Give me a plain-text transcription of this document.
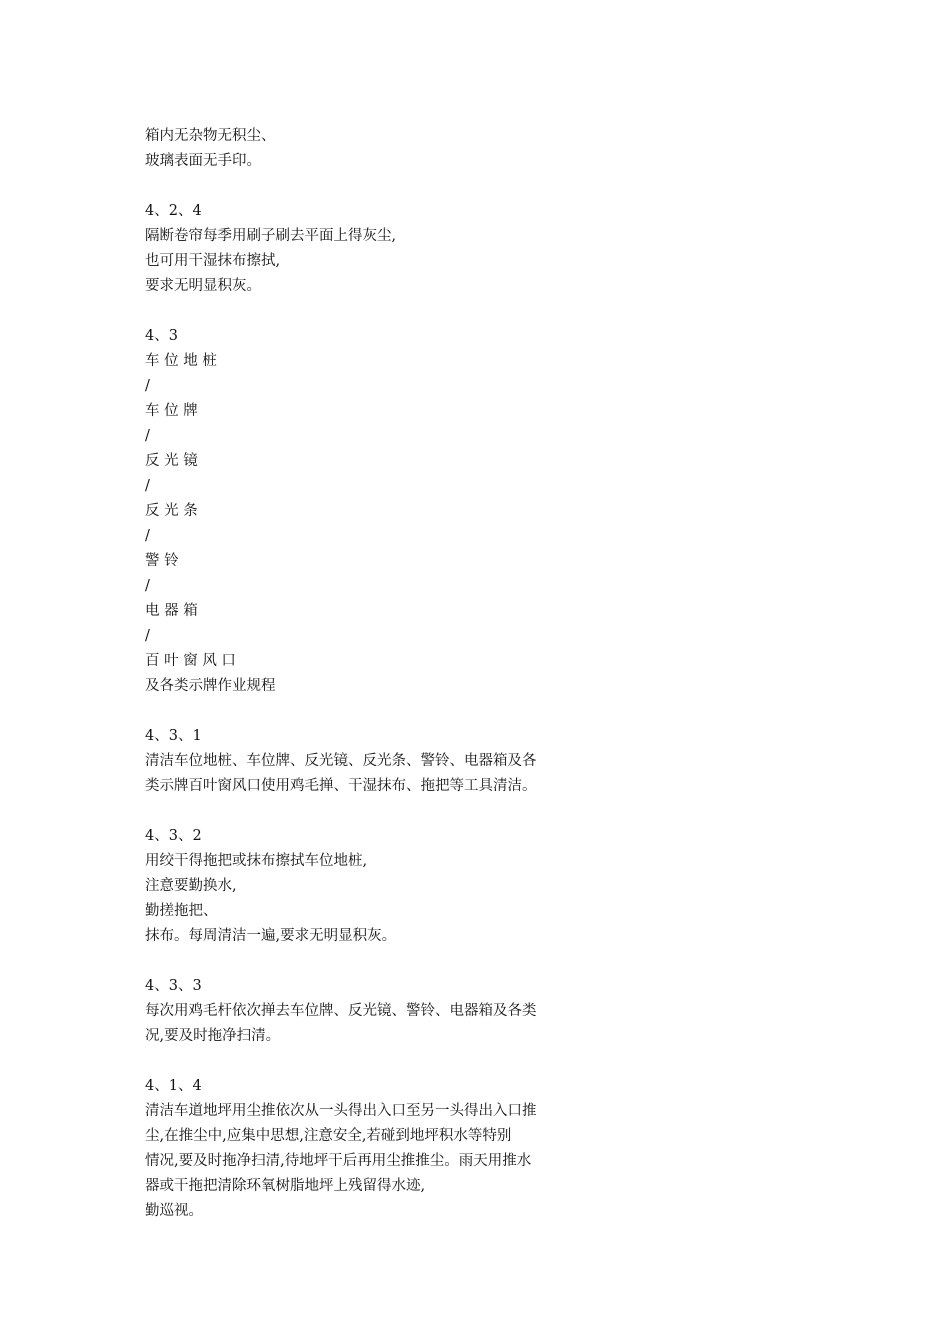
箱内无杂物无积尘、
玻璃表面无手印。
4、2、4
隔断卷帘每季用刷子刷去平面上得灰尘,
也可用干湿抹布擦拭,
要求无明显积灰。
4、3
车 位 地 桩
/
车 位 牌
/
反 光 镜
/
反 光 条
/
警 铃
/
电 器 箱
/
百 叶 窗 风 口
及各类示牌作业规程
4、3、1
清洁车位地桩、车位牌、反光镜、反光条、警铃、电器箱及各
类示牌百叶窗风口使用鸡毛掸、干湿抹布、拖把等工具清洁。
4、3、2
用绞干得拖把或抹布擦拭车位地桩,
注意要勤换水,
勤搓拖把、
抹布。每周清洁一遍,要求无明显积灰。
4、3、3
每次用鸡毛杆依次掸去车位牌、反光镜、警铃、电器箱及各类
况,要及时拖净扫清。
4、1、4
清洁车道地坪用尘推依次从一头得出入口至另一头得出入口推
尘,在推尘中,应集中思想,注意安全,若碰到地坪积水等特别
情况,要及时拖净扫清,待地坪干后再用尘推推尘。雨天用推水
器或干拖把清除环氧树脂地坪上残留得水迹,
勤巡视。
